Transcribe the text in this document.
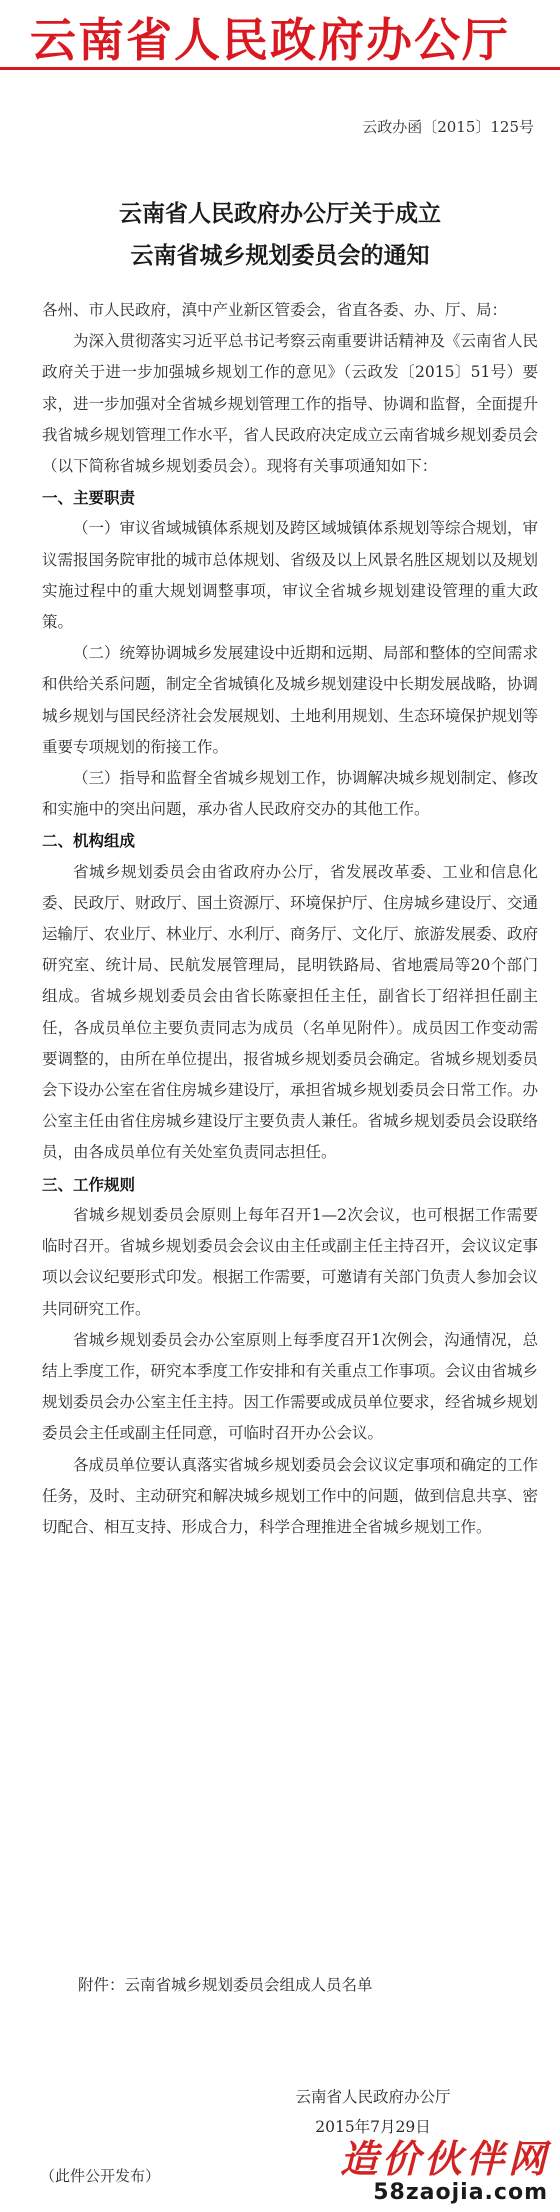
云南省人民政府办公厅
云政办函〔2015〕125号
云南省人民政府办公厅关于成立
云南省城乡规划委员会的通知

各州、市人民政府，滇中产业新区管委会，省直各委、办、厅、局：

为深入贯彻落实习近平总书记考察云南重要讲话精神及《云南省人民政府关于进一步加强城乡规划工作的意见》（云政发〔2015〕51号）要求，进一步加强对全省城乡规划管理工作的指导、协调和监督，全面提升我省城乡规划管理工作水平，省人民政府决定成立云南省城乡规划委员会（以下简称省城乡规划委员会）。现将有关事项通知如下：

一、主要职责

（一）审议省域城镇体系规划及跨区域城镇体系规划等综合规划，审议需报国务院审批的城市总体规划、省级及以上风景名胜区规划以及规划实施过程中的重大规划调整事项，审议全省城乡规划建设管理的重大政策。

（二）统筹协调城乡发展建设中近期和远期、局部和整体的空间需求和供给关系问题，制定全省城镇化及城乡规划建设中长期发展战略，协调城乡规划与国民经济社会发展规划、土地利用规划、生态环境保护规划等重要专项规划的衔接工作。

（三）指导和监督全省城乡规划工作，协调解决城乡规划制定、修改和实施中的突出问题，承办省人民政府交办的其他工作。

二、机构组成

省城乡规划委员会由省政府办公厅，省发展改革委、工业和信息化委、民政厅、财政厅、国土资源厅、环境保护厅、住房城乡建设厅、交通运输厅、农业厅、林业厅、水利厅、商务厅、文化厅、旅游发展委、政府研究室、统计局、民航发展管理局，昆明铁路局、省地震局等20个部门组成。省城乡规划委员会由省长陈豪担任主任，副省长丁绍祥担任副主任，各成员单位主要负责同志为成员（名单见附件）。成员因工作变动需要调整的，由所在单位提出，报省城乡规划委员会确定。省城乡规划委员会下设办公室在省住房城乡建设厅，承担省城乡规划委员会日常工作。办公室主任由省住房城乡建设厅主要负责人兼任。省城乡规划委员会设联络员，由各成员单位有关处室负责同志担任。

三、工作规则

省城乡规划委员会原则上每年召开1—2次会议，也可根据工作需要临时召开。省城乡规划委员会会议由主任或副主任主持召开，会议议定事项以会议纪要形式印发。根据工作需要，可邀请有关部门负责人参加会议共同研究工作。

省城乡规划委员会办公室原则上每季度召开1次例会，沟通情况，总结上季度工作，研究本季度工作安排和有关重点工作事项。会议由省城乡规划委员会办公室主任主持。因工作需要或成员单位要求，经省城乡规划委员会主任或副主任同意，可临时召开办公会议。

各成员单位要认真落实省城乡规划委员会会议议定事项和确定的工作任务，及时、主动研究和解决城乡规划工作中的问题，做到信息共享、密切配合、相互支持、形成合力，科学合理推进全省城乡规划工作。

附件：云南省城乡规划委员会组成人员名单
云南省人民政府办公厅
2015年7月29日
（此件公开发布）	造价伙伴网
58zaojia.com
